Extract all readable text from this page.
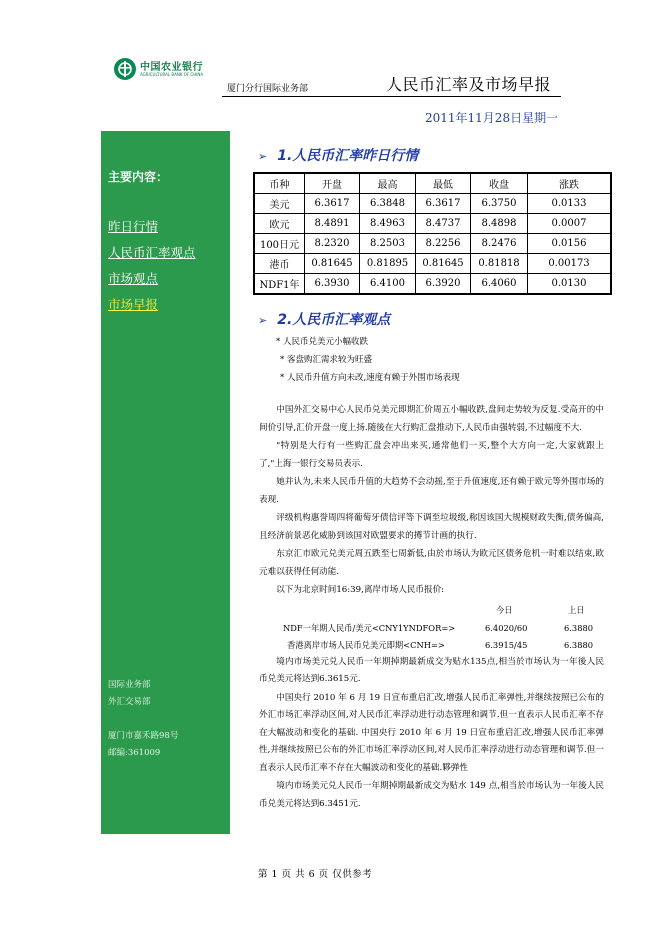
中国农业银行
AGRICULTURAL BANK OF CHINA
厦门分行国际业务部	人民币汇率及市场早报
2011年11月28日星期一
主要内容：
昨日行情
人民币汇率观点
市场观点
市场早报
国际业务部
外汇交易部
厦门市嘉禾路98号
邮编:361009
➢ 1.人民币汇率昨日行情
币种	开盘	最高	最低	收盘	涨跌
美元	6.3617	6.3848	6.3617	6.3750	0.0133
欧元	8.4891	8.4963	8.4737	8.4898	0.0007
100日元	8.2320	8.2503	8.2256	8.2476	0.0156
港币	0.81645	0.81895	0.81645	0.81818	0.00173
NDF1年	6.3930	6.4100	6.3920	6.4060	0.0130
➢ 2.人民币汇率观点
* 人民币兑美元小幅收跌
* 客盘购汇需求较为旺盛
* 人民币升值方向未改,速度有赖于外围市场表现

中国外汇交易中心人民币兑美元即期汇价周五小幅收跌,盘间走势较为反复.受高开的中间价引导,汇价开盘一度上扬.随後在大行购汇盘推动下,人民币由强转弱,不过幅度不大.

"特别是大行有一些购汇盘会冲出来买,通常他们一买,整个大方向一定,大家就跟上了,"上海一银行交易员表示.

她并认为,未来人民币升值的大趋势不会动摇,至于升值速度,还有赖于欧元等外围市场的表现.

评级机构惠誉周四将葡萄牙债信评等下调至垃圾级,称因该国大规模财政失衡,债务偏高,且经济前景恶化威胁到该国对欧盟要求的撙节计画的执行.

东京汇市欧元兑美元周五跌至七周新低,由於市场认为欧元区债务危机一时难以结束,欧元难以获得任何动能.

以下为北京时间16:39,离岸市场人民币报价:

今日	上日
NDF一年期人民币/美元<CNY1YNDFOR=>	6.4020/60	6.3880
香港离岸市场人民币兑美元即期<CNH=>	6.3915/45	6.3880

境内市场美元兑人民币一年期掉期最新成交为贴水135点,相当於市场认为一年後人民币兑美元将达到6.3615元.

中国央行 2010 年 6 月 19 日宣布重启汇改,增强人民币汇率弹性,并继续按照已公布的外汇市场汇率浮动区间,对人民币汇率浮动进行动态管理和调节.但一直表示人民币汇率不存在大幅波动和变化的基础. 中国央行 2010 年 6 月 19 日宣布重启汇改,增强人民币汇率弹性,并继续按照已公布的外汇市场汇率浮动区间,对人民币汇率浮动进行动态管理和调节.但一直表示人民币汇率不存在大幅波动和变化的基础.夥弹性

境内市场美元兑人民币一年期掉期最新成交为贴水 149 点,相当於市场认为一年後人民币兑美元将达到6.3451元.

第 1 页 共 6 页 仅供参考
